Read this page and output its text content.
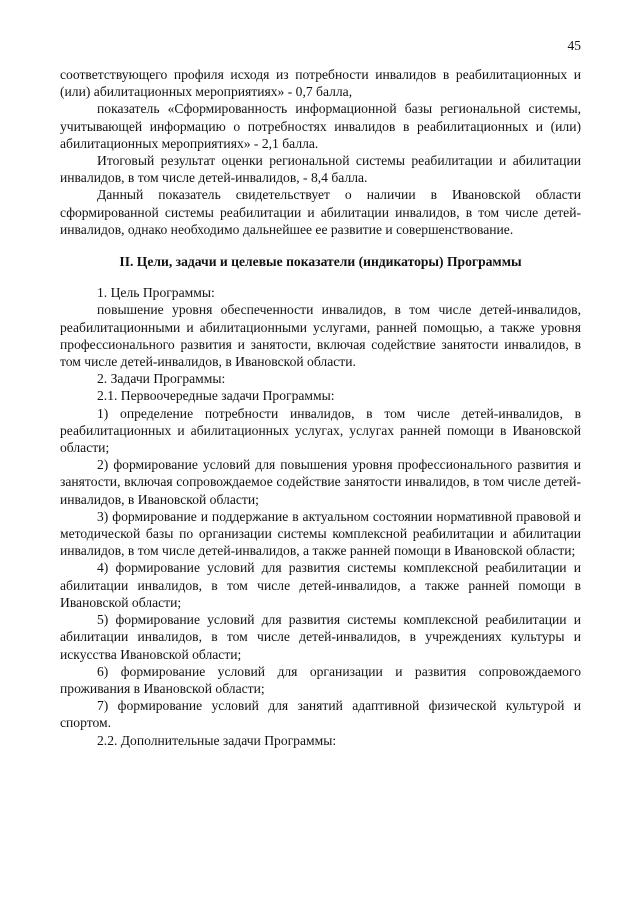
45

соответствующего профиля исходя из потребности инвалидов в реабилитационных и (или) абилитационных мероприятиях» - 0,7 балла,

показатель «Сформированность информационной базы региональной системы, учитывающей информацию о потребностях инвалидов в реабилитационных и (или) абилитационных мероприятиях» - 2,1 балла.

Итоговый результат оценки региональной системы реабилитации и абилитации инвалидов, в том числе детей-инвалидов, - 8,4 балла.

Данный показатель свидетельствует о наличии в Ивановской области сформированной системы реабилитации и абилитации инвалидов, в том числе детей-инвалидов, однако необходимо дальнейшее ее развитие и совершенствование.

II. Цели, задачи и целевые показатели (индикаторы) Программы

1. Цель Программы:

повышение уровня обеспеченности инвалидов, в том числе детей-инвалидов, реабилитационными и абилитационными услугами, ранней помощью, а также уровня профессионального развития и занятости, включая содействие занятости инвалидов, в том числе детей-инвалидов, в Ивановской области.

2. Задачи Программы:

2.1. Первоочередные задачи Программы:

1) определение потребности инвалидов, в том числе детей-инвалидов, в реабилитационных и абилитационных услугах, услугах ранней помощи в Ивановской области;

2) формирование условий для повышения уровня профессионального развития и занятости, включая сопровождаемое содействие занятости инвалидов, в том числе детей-инвалидов, в Ивановской области;

3) формирование и поддержание в актуальном состоянии нормативной правовой и методической базы по организации системы комплексной реабилитации и абилитации инвалидов, в том числе детей-инвалидов, а также ранней помощи в Ивановской области;

4) формирование условий для развития системы комплексной реабилитации и абилитации инвалидов, в том числе детей-инвалидов, а также ранней помощи в Ивановской области;

5) формирование условий для развития системы комплексной реабилитации и абилитации инвалидов, в том числе детей-инвалидов, в учреждениях культуры и искусства Ивановской области;

6) формирование условий для организации и развития сопровождаемого проживания в Ивановской области;

7) формирование условий для занятий адаптивной физической культурой и спортом.

2.2. Дополнительные задачи Программы:
